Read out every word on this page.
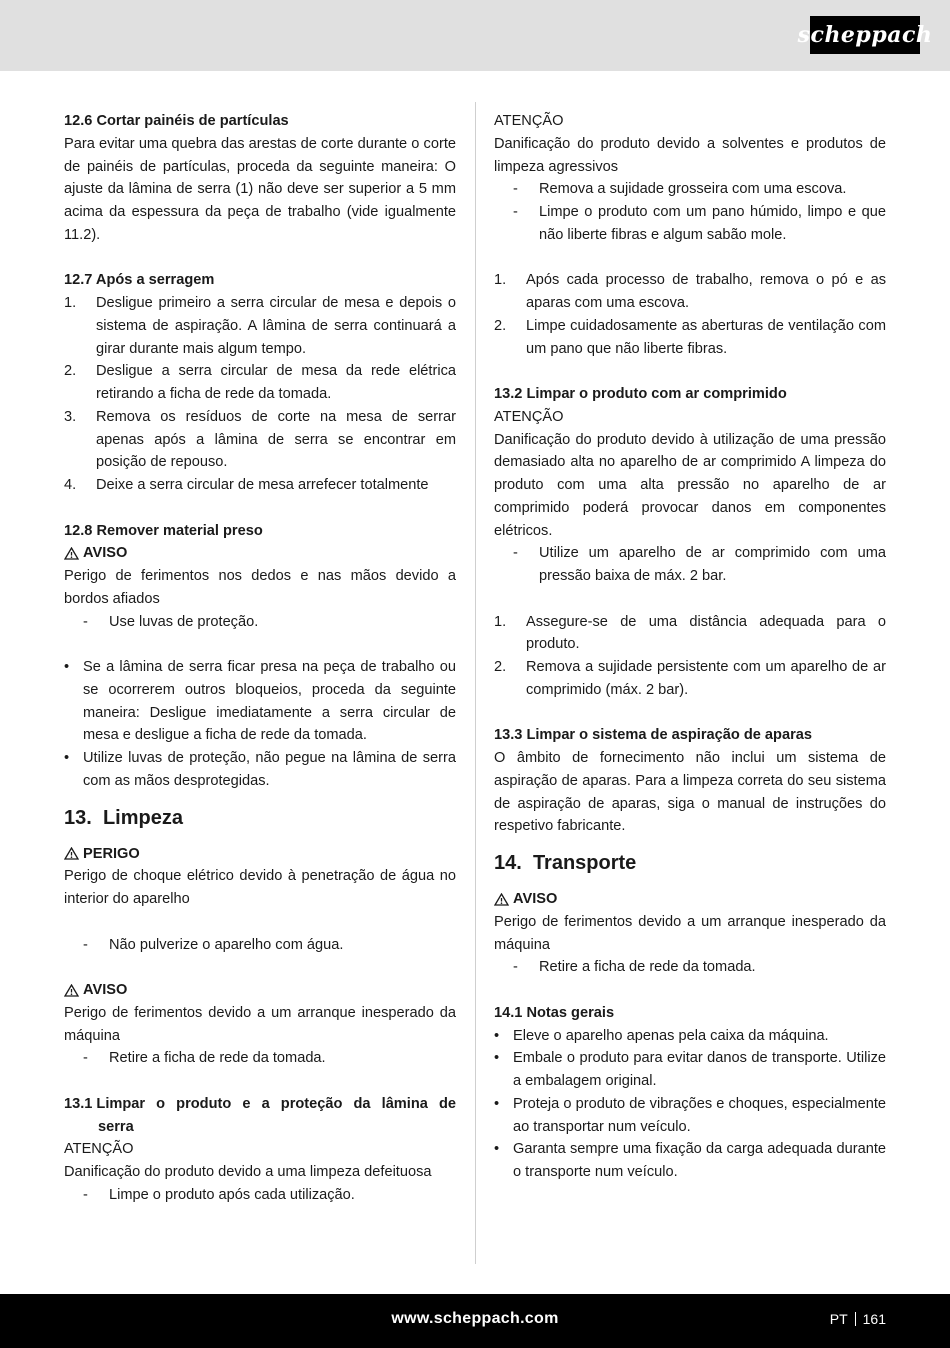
scheppach

12.6 Cortar painéis de partículas

Para evitar uma quebra das arestas de corte durante o corte de painéis de partículas, proceda da seguinte maneira: O ajuste da lâmina de serra (1) não deve ser superior a 5 mm acima da espessura da peça de trabalho (vide igualmente 11.2).

12.7 Após a serragem

1.	Desligue primeiro a serra circular de mesa e depois o sistema de aspiração. A lâmina de serra continuará a girar durante mais algum tempo.
2.	Desligue a serra circular de mesa da rede elétrica retirando a ficha de rede da tomada.
3.	Remova os resíduos de corte na mesa de serrar apenas após a lâmina de serra se encontrar em posição de repouso.
4.	Deixe a serra circular de mesa arrefecer totalmente

12.8 Remover material preso

AVISO

Perigo de ferimentos nos dedos e nas mãos devido a bordos afiados

-	Use luvas de proteção.
• Se a lâmina de serra ficar presa na peça de trabalho ou se ocorrerem outros bloqueios, proceda da seguinte maneira: Desligue imediatamente a serra circular de mesa e desligue a ficha de rede da tomada.
• Utilize luvas de proteção, não pegue na lâmina de serra com as mãos desprotegidas.

13. Limpeza

PERIGO

Perigo de choque elétrico devido à penetração de água no interior do aparelho

-	Não pulverize o aparelho com água.
AVISO

Perigo de ferimentos devido a um arranque inesperado da máquina

-	Retire a ficha de rede da tomada.
13.1 Limpar o produto e a proteção da lâmina de
serra

ATENÇÃO

Danificação do produto devido a uma limpeza defeituosa

-	Limpe o produto após cada utilização.

ATENÇÃO

Danificação do produto devido a solventes e produtos de limpeza agressivos

-	Remova a sujidade grosseira com uma escova.
-	Limpe o produto com um pano húmido, limpo e que não liberte fibras e algum sabão mole.
1.	Após cada processo de trabalho, remova o pó e as aparas com uma escova.
2.	Limpe cuidadosamente as aberturas de ventilação com um pano que não liberte fibras.

13.2 Limpar o produto com ar comprimido

ATENÇÃO

Danificação do produto devido à utilização de uma pressão demasiado alta no aparelho de ar comprimido A limpeza do produto com uma alta pressão no aparelho de ar comprimido poderá provocar danos em componentes elétricos.

-	Utilize um aparelho de ar comprimido com uma pressão baixa de máx. 2 bar.
1.	Assegure-se de uma distância adequada para o produto.
2.	Remova a sujidade persistente com um aparelho de ar comprimido (máx. 2 bar).

13.3 Limpar o sistema de aspiração de aparas

O âmbito de fornecimento não inclui um sistema de aspiração de aparas. Para a limpeza correta do seu sistema de aspiração de aparas, siga o manual de instruções do respetivo fabricante.

14. Transporte

AVISO

Perigo de ferimentos devido a um arranque inesperado da máquina

-	Retire a ficha de rede da tomada.

14.1 Notas gerais

• Eleve o aparelho apenas pela caixa da máquina.
• Embale o produto para evitar danos de transporte. Utilize a embalagem original.
• Proteja o produto de vibrações e choques, especialmente ao transportar num veículo.
• Garanta sempre uma fixação da carga adequada durante o transporte num veículo.
www.scheppach.com	PT 161
